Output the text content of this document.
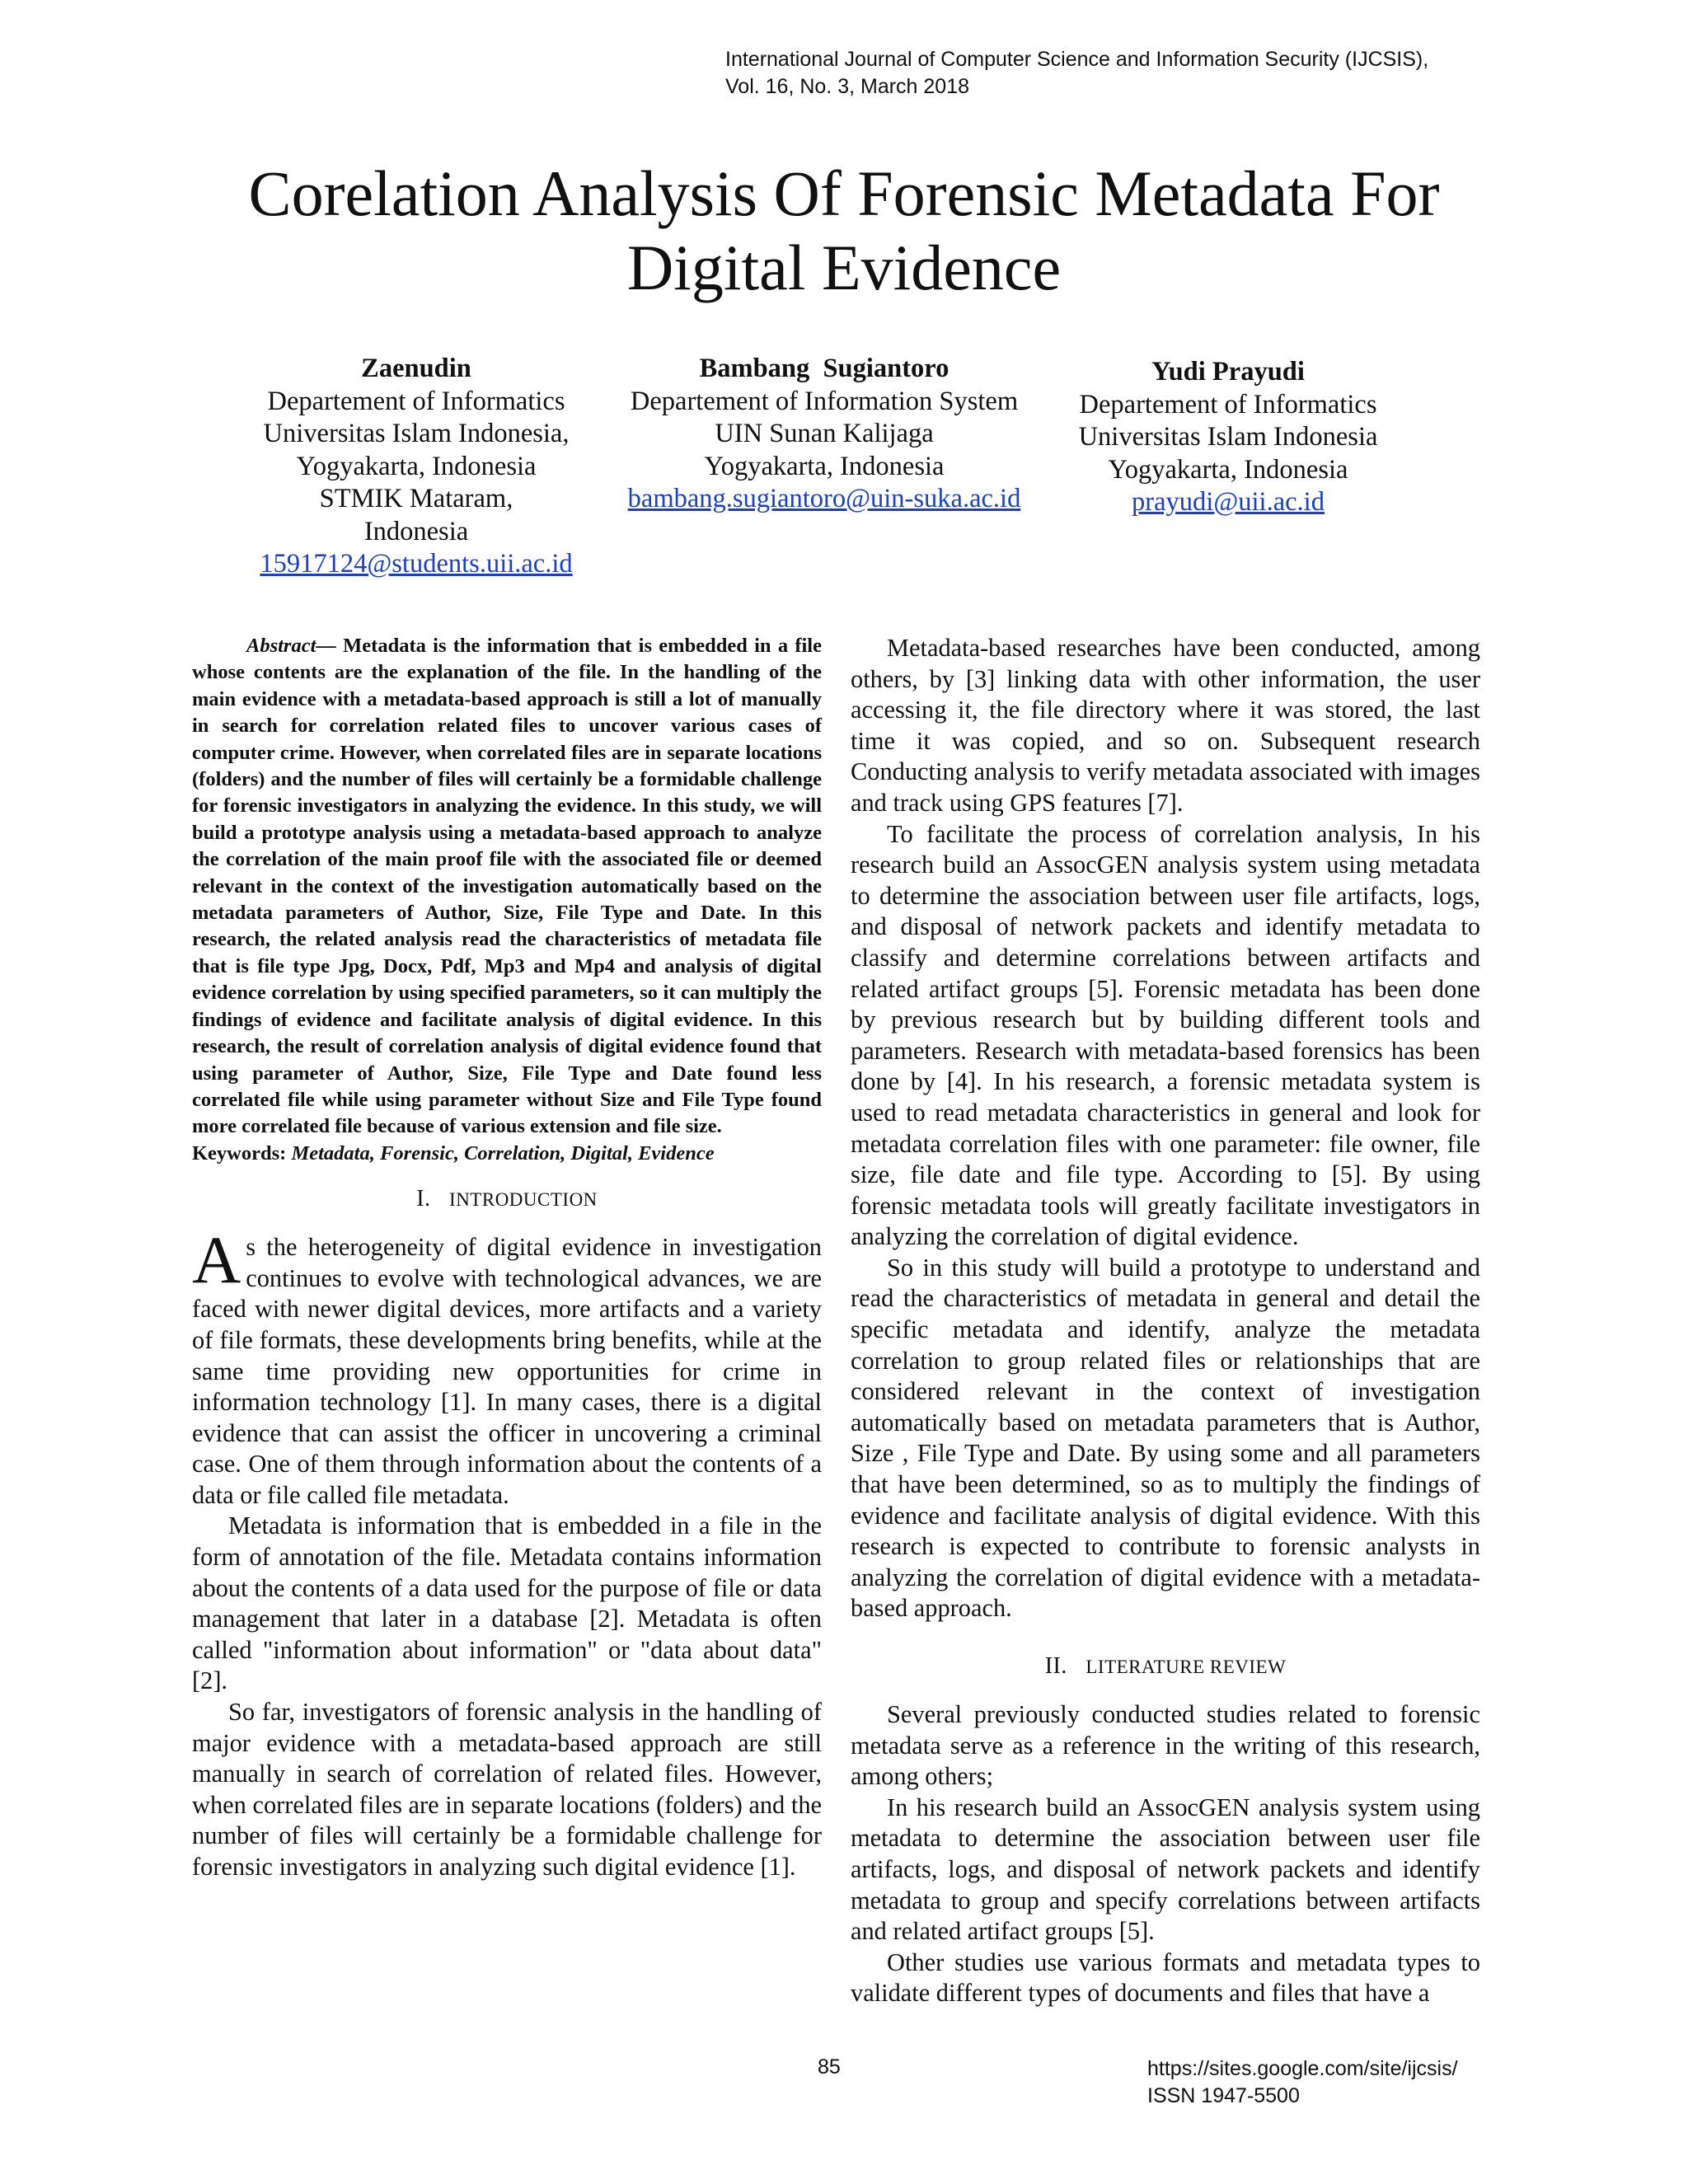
International Journal of Computer Science and Information Security (IJCSIS),
Vol. 16, No. 3, March 2018
Corelation Analysis Of Forensic Metadata For
Digital Evidence
Zaenudin
Departement of Informatics
Universitas Islam Indonesia,
Yogyakarta, Indonesia
STMIK Mataram,
Indonesia
15917124@students.uii.ac.id
Bambang  Sugiantoro
Departement of Information System
UIN Sunan Kalijaga
Yogyakarta, Indonesia
bambang.sugiantoro@uin-suka.ac.id
Yudi Prayudi
Departement of Informatics
Universitas Islam Indonesia
Yogyakarta, Indonesia
prayudi@uii.ac.id

Abstract— Metadata is the information that is embedded in a file whose contents are the explanation of the file. In the handling of the main evidence with a metadata-based approach is still a lot of manually in search for correlation related files to uncover various cases of computer crime. However, when correlated files are in separate locations (folders) and the number of files will certainly be a formidable challenge for forensic investigators in analyzing the evidence. In this study, we will build a prototype analysis using a metadata-based approach to analyze the correlation of the main proof file with the associated file or deemed relevant in the context of the investigation automatically based on the metadata parameters of Author, Size, File Type and Date. In this research, the related analysis read the characteristics of metadata file that is file type Jpg, Docx, Pdf, Mp3 and Mp4 and analysis of digital evidence correlation by using specified parameters, so it can multiply the findings of evidence and facilitate analysis of digital evidence. In this research, the result of correlation analysis of digital evidence found that using parameter of Author, Size, File Type and Date found less correlated file while using parameter without Size and File Type found more correlated file because of various extension and file size.

Keywords: Metadata, Forensic, Correlation, Digital, Evidence

I. INTRODUCTION

As the heterogeneity of digital evidence in investigation continues to evolve with technological advances, we are faced with newer digital devices, more artifacts and a variety of file formats, these developments bring benefits, while at the same time providing new opportunities for crime in information technology [1]. In many cases, there is a digital evidence that can assist the officer in uncovering a criminal case. One of them through information about the contents of a data or file called file metadata.

Metadata is information that is embedded in a file in the form of annotation of the file. Metadata contains information about the contents of a data used for the purpose of file or data management that later in a database [2]. Metadata is often called "information about information" or "data about data" [2].

So far, investigators of forensic analysis in the handling of major evidence with a metadata-based approach are still manually in search of correlation of related files. However, when correlated files are in separate locations (folders) and the number of files will certainly be a formidable challenge for forensic investigators in analyzing such digital evidence [1].

Metadata-based researches have been conducted, among others, by [3] linking data with other information, the user accessing it, the file directory where it was stored, the last time it was copied, and so on. Subsequent research Conducting analysis to verify metadata associated with images and track using GPS features [7].

To facilitate the process of correlation analysis, In his research build an AssocGEN analysis system using metadata to determine the association between user file artifacts, logs, and disposal of network packets and identify metadata to classify and determine correlations between artifacts and related artifact groups [5]. Forensic metadata has been done by previous research but by building different tools and parameters. Research with metadata-based forensics has been done by [4]. In his research, a forensic metadata system is used to read metadata characteristics in general and look for metadata correlation files with one parameter: file owner, file size, file date and file type. According to [5]. By using forensic metadata tools will greatly facilitate investigators in analyzing the correlation of digital evidence.

So in this study will build a prototype to understand and read the characteristics of metadata in general and detail the specific metadata and identify, analyze the metadata correlation to group related files or relationships that are considered relevant in the context of investigation automatically based on metadata parameters that is Author, Size , File Type and Date. By using some and all parameters that have been determined, so as to multiply the findings of evidence and facilitate analysis of digital evidence. With this research is expected to contribute to forensic analysts in analyzing the correlation of digital evidence with a metadata-based approach.

II. LITERATURE REVIEW

Several previously conducted studies related to forensic metadata serve as a reference in the writing of this research, among others;

In his research build an AssocGEN analysis system using metadata to determine the association between user file artifacts, logs, and disposal of network packets and identify metadata to group and specify correlations between artifacts and related artifact groups [5].

Other studies use various formats and metadata types to validate different types of documents and files that have a

85	https://sites.google.com/site/ijcsis/
ISSN 1947-5500
